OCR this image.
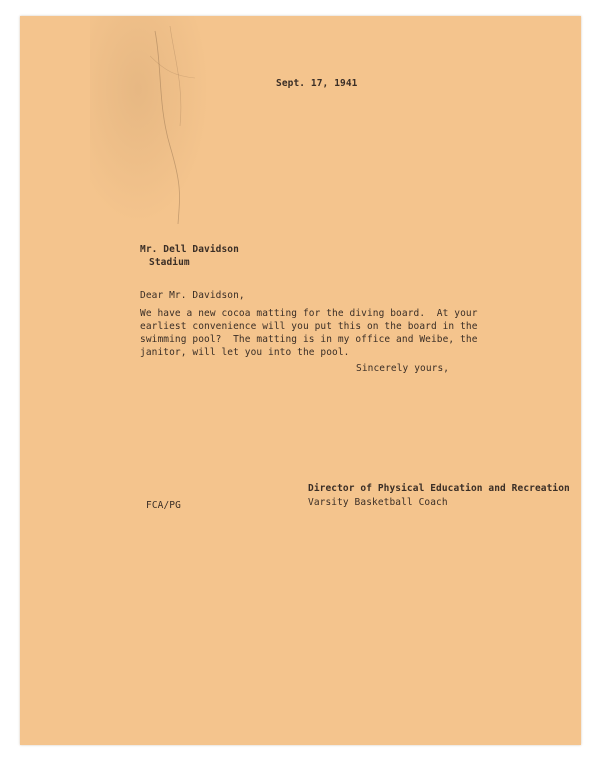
Sept. 17, 1941
Mr. Dell Davidson
Stadium
Dear Mr. Davidson,
We have a new cocoa matting for the diving board.  At your
earliest convenience will you put this on the board in the
swimming pool?  The matting is in my office and Weibe, the
janitor, will let you into the pool.
Sincerely yours,
Director of Physical Education and Recreation
Varsity Basketball Coach
FCA/PG
